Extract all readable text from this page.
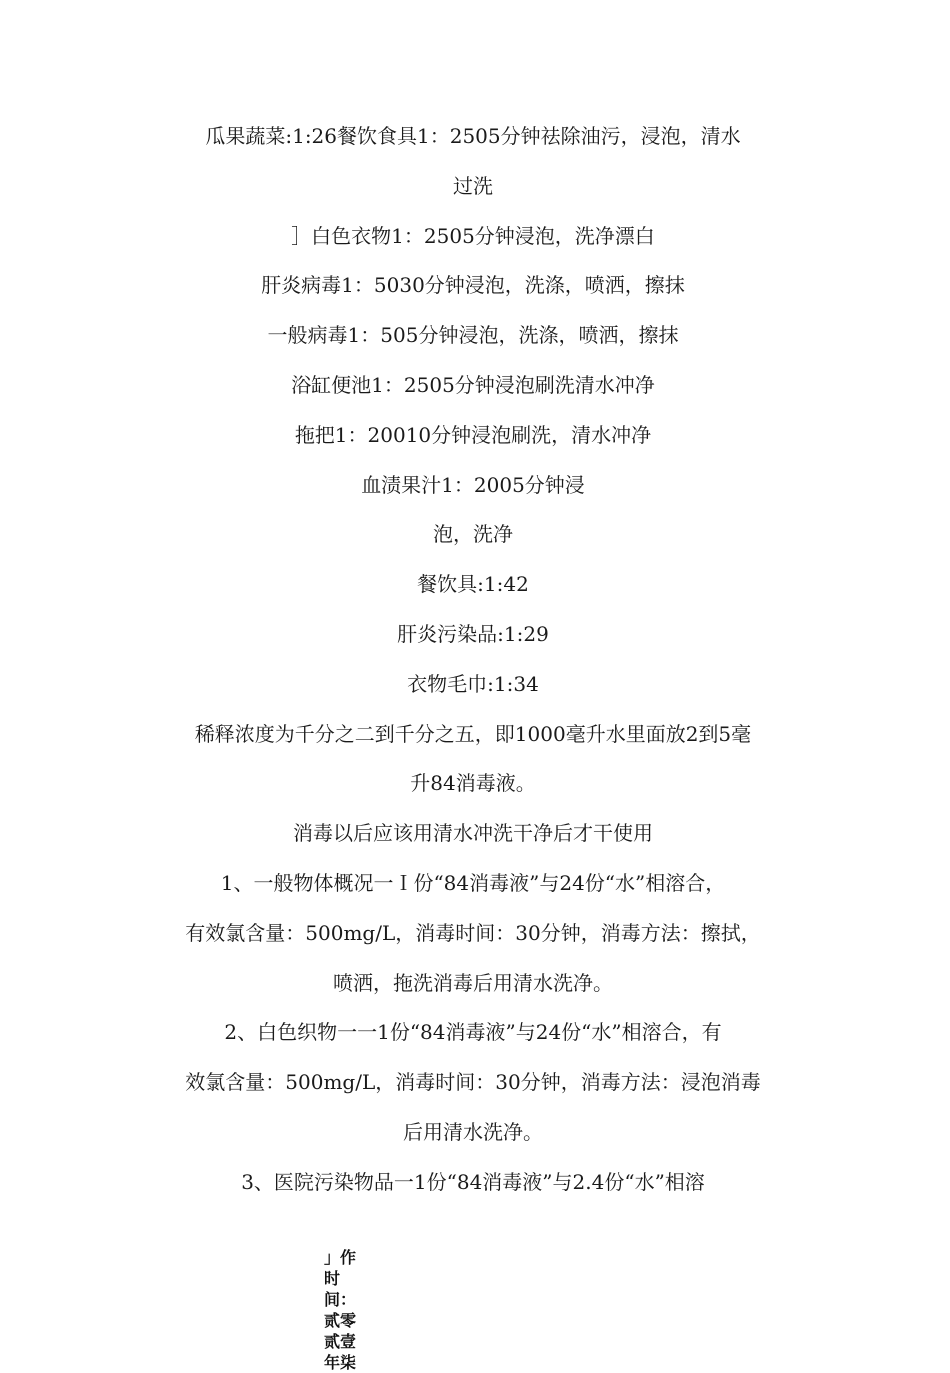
瓜果蔬菜:1:26餐饮食具1：2505分钟祛除油污，浸泡，清水

过洗

］白色衣物1：2505分钟浸泡，洗净漂白

肝炎病毒1：5030分钟浸泡，洗涤，喷洒，擦抹

一般病毒1：505分钟浸泡，洗涤，喷洒，擦抹

浴缸便池1：2505分钟浸泡刷洗清水冲净

拖把1：20010分钟浸泡刷洗，清水冲净

血渍果汁1：2005分钟浸

泡，洗净

餐饮具:1:42

肝炎污染品:1:29

衣物毛巾:1:34

稀释浓度为千分之二到千分之五，即1000毫升水里面放2到5毫

升84消毒液。

消毒以后应该用清水冲洗干净后才干使用

1、一般物体概况一Ｉ份“84消毒液”与24份“水”相溶合，

有效氯含量：500mg/L，消毒时间：30分钟，消毒方法：擦拭，

喷洒，拖洗消毒后用清水洗净。

2、白色织物一一1份“84消毒液”与24份“水”相溶合，有

效氯含量：500mg/L，消毒时间：30分钟，消毒方法：浸泡消毒

后用清水洗净。

3、医院污染物品一1份“84消毒液”与2.4份“水”相溶

」作时间：贰零贰壹年柒
